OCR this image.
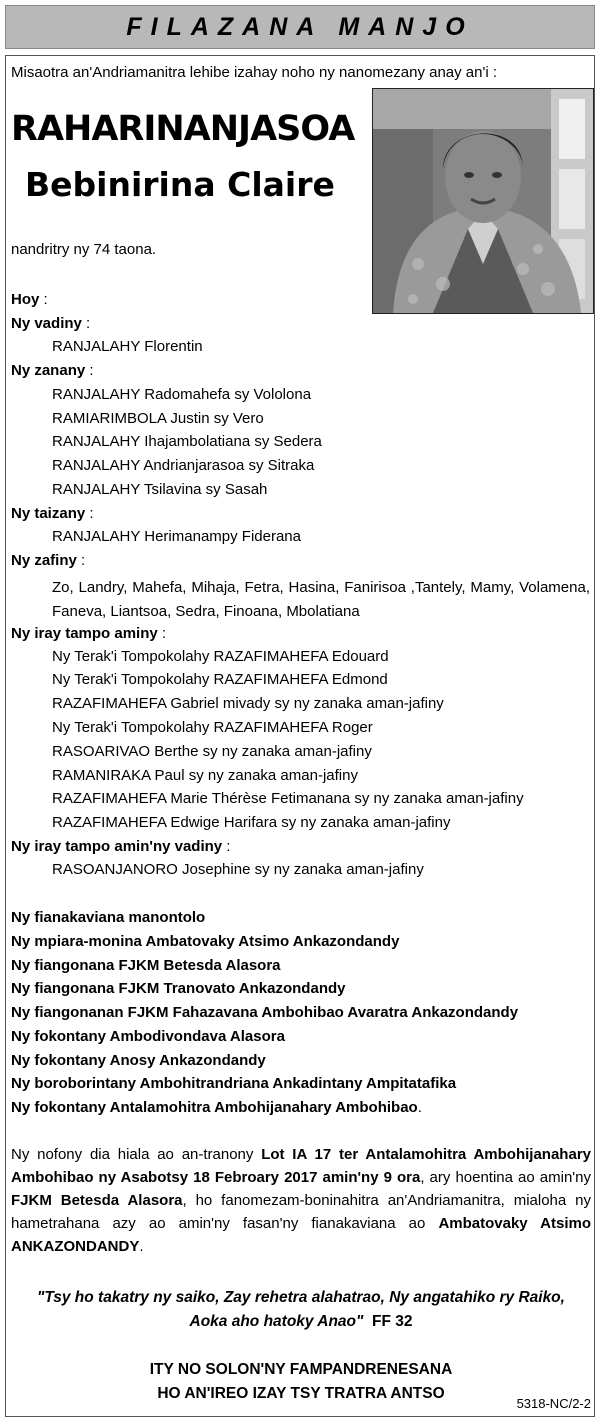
FILAZANA MANJO
Misaotra an'Andriamanitra lehibe izahay noho ny nanomezany anay an'i :
RAHARINANJASOA
Bebinirina Claire
nandritry ny 74 taona.
Hoy :
Ny vadiny :
RANJALAHY Florentin
Ny zanany :
RANJALAHY Radomahefa sy Vololona
RAMIARIMBOLA Justin sy Vero
RANJALAHY Ihajambolatiana sy Sedera
RANJALAHY Andrianjarasoa sy Sitraka
RANJALAHY Tsilavina sy Sasah
Ny taizany :
RANJALAHY Herimanampy Fiderana
Ny zafiny :
Zo, Landry, Mahefa, Mihaja, Fetra, Hasina, Fanirisoa ,Tantely, Mamy, Volamena, Faneva, Liantsoa, Sedra, Finoana, Mbolatiana
Ny iray tampo aminy :
Ny Terak'i Tompokolahy RAZAFIMAHEFA Edouard
Ny Terak'i Tompokolahy RAZAFIMAHEFA Edmond
RAZAFIMAHEFA Gabriel mivady sy ny zanaka aman-jafiny
Ny Terak'i Tompokolahy RAZAFIMAHEFA Roger
RASOARIVAO Berthe sy ny zanaka aman-jafiny
RAMANIRAKA Paul sy ny zanaka aman-jafiny
RAZAFIMAHEFA Marie Thérèse Fetimanana sy ny zanaka aman-jafiny
RAZAFIMAHEFA Edwige Harifara sy ny zanaka aman-jafiny
Ny iray tampo amin'ny vadiny :
RASOANJANORO Josephine sy ny zanaka aman-jafiny
Ny fianakaviana manontolo
Ny mpiara-monina Ambatovaky Atsimo Ankazondandy
Ny fiangonana FJKM Betesda Alasora
Ny fiangonana FJKM Tranovato Ankazondandy
Ny fiangonanan FJKM Fahazavana Ambohibao Avaratra Ankazondandy
Ny fokontany Ambodivondava Alasora
Ny fokontany Anosy Ankazondandy
Ny boroborintany Ambohitrandriana Ankadintany Ampitatafika
Ny fokontany Antalamohitra Ambohijanahary Ambohibao.
Ny nofony dia hiala ao an-tranony Lot IA 17 ter Antalamohitra Ambohijanahary Ambohibao ny Asabotsy 18 Febroary 2017 amin'ny 9 ora, ary hoentina ao amin'ny FJKM Betesda Alasora, ho fanomezam-boninahitra an'Andriamanitra, mialoha ny hametrahana azy ao amin'ny fasan'ny fianakaviana ao Ambatovaky Atsimo ANKAZONDANDY.
"Tsy ho takatry ny saiko, Zay rehetra alahatrao, Ny angatahiko ry Raiko,
Aoka aho hatoky Anao" FF 32
ITY NO SOLON'NY FAMPANDRENESANA
HO AN'IREO IZAY TSY TRATRA ANTSO
5318-NC/2-2
